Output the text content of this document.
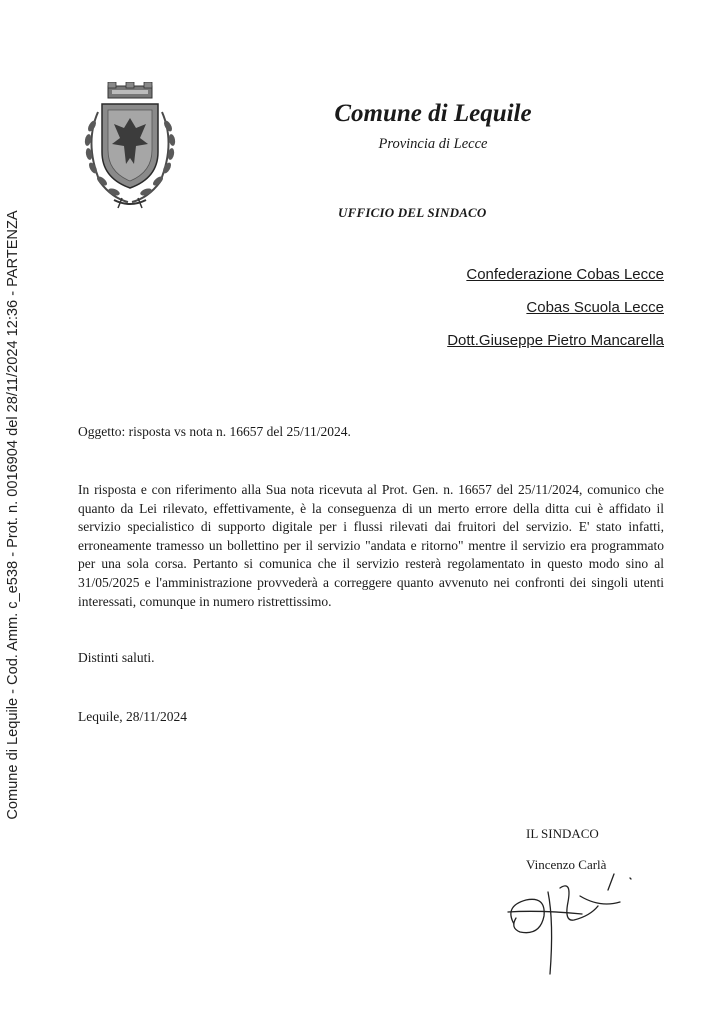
Comune di Lequile - Cod. Amm. c_e538 - Prot. n. 0016904 del 28/11/2024 12:36 - PARTENZA
Comune di Lequile
Provincia di Lecce
UFFICIO DEL SINDACO
Confederazione Cobas Lecce
Cobas Scuola Lecce
Dott.Giuseppe Pietro Mancarella
Oggetto: risposta vs nota n. 16657 del 25/11/2024.
In risposta e con riferimento alla Sua nota ricevuta al Prot. Gen. n. 16657 del 25/11/2024, comunico che quanto da Lei rilevato, effettivamente, è la conseguenza di un merto errore della ditta cui è affidato il servizio specialistico di supporto digitale per i flussi rilevati dai fruitori del servizio. E' stato infatti, erroneamente tramesso un bollettino per il servizio "andata e ritorno" mentre il servizio era programmato per una sola corsa. Pertanto si comunica che il servizio resterà regolamentato in questo modo sino al 31/05/2025 e l'amministrazione provvederà a correggere quanto avvenuto nei confronti dei singoli utenti interessati, comunque in numero ristrettissimo.
Distinti saluti.
Lequile, 28/11/2024
IL SINDACO
Vincenzo Carlà
